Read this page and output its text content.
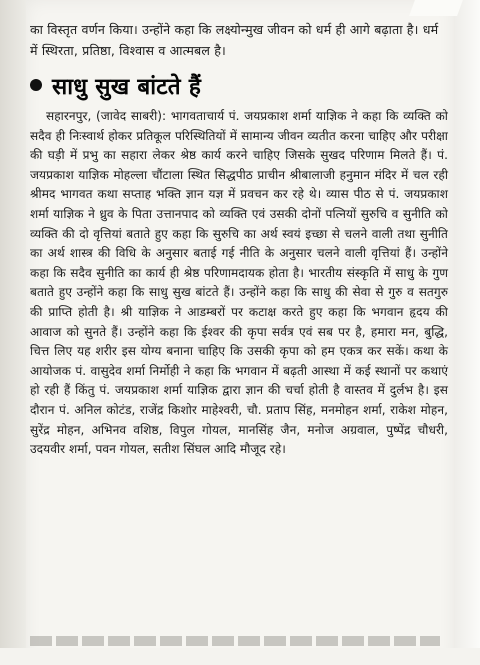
का विस्तृत वर्णन किया। उन्होंने कहा कि लक्ष्योन्मुख जीवन को धर्म ही आगे बढ़ाता है। धर्म में स्थिरता, प्रतिष्ठा, विश्वास व आत्मबल है।
साधु सुख बांटते हैं
सहारनपुर, (जावेद साबरी): भागवताचार्य पं. जयप्रकाश शर्मा याज्ञिक ने कहा कि व्यक्ति को सदैव ही निःस्वार्थ होकर प्रतिकूल परिस्थितियों में सामान्य जीवन व्यतीत करना चाहिए और परीक्षा की घड़ी में प्रभु का सहारा लेकर श्रेष्ठ कार्य करने चाहिए जिसके सुखद परिणाम मिलते हैं। पं. जयप्रकाश याज्ञिक मोहल्ला चौंटाला स्थित सिद्धपीठ प्राचीन श्रीबालाजी हनुमान मंदिर में चल रही श्रीमद भागवत कथा सप्ताह भक्ति ज्ञान यज्ञ में प्रवचन कर रहे थे। व्यास पीठ से पं. जयप्रकाश शर्मा याज्ञिक ने ध्रुव के पिता उत्तानपाद को व्यक्ति एवं उसकी दोनों पत्नियों सुरुचि व सुनीति को व्यक्ति की दो वृत्तियां बताते हुए कहा कि सुरुचि का अर्थ स्वयं इच्छा से चलने वाली तथा सुनीति का अर्थ शास्त्र की विधि के अनुसार बताई गई नीति के अनुसार चलने वाली वृत्तियां हैं। उन्होंने कहा कि सदैव सुनीति का कार्य ही श्रेष्ठ परिणामदायक होता है। भारतीय संस्कृति में साधु के गुण बताते हुए उन्होंने कहा कि साधु सुख बांटते हैं। उन्होंने कहा कि साधु की सेवा से गुरु व सतगुरु की प्राप्ति होती है। श्री याज्ञिक ने आडम्बरों पर कटाक्ष करते हुए कहा कि भगवान हृदय की आवाज को सुनते हैं। उन्होंने कहा कि ईश्वर की कृपा सर्वत्र एवं सब पर है, हमारा मन, बुद्धि, चित्त लिए यह शरीर इस योग्य बनाना चाहिए कि उसकी कृपा को हम एकत्र कर सकें। कथा के आयोजक पं. वासुदेव शर्मा निर्मोही ने कहा कि भगवान में बढ़ती आस्था में कई स्थानों पर कथाएं हो रही हैं किंतु पं. जयप्रकाश शर्मा याज्ञिक द्वारा ज्ञान की चर्चा होती है वास्तव में दुर्लभ है। इस दौरान पं. अनिल कोटंड, राजेंद्र किशोर माहेश्वरी, चौ. प्रताप सिंह, मनमोहन शर्मा, राकेश मोहन, सुरेंद्र मोहन, अभिनव वशिष्ठ, विपुल गोयल, मानसिंह जैन, मनोज अग्रवाल, पुष्पेंद्र चौधरी, उदयवीर शर्मा, पवन गोयल, सतीश सिंघल आदि मौजूद रहे।
